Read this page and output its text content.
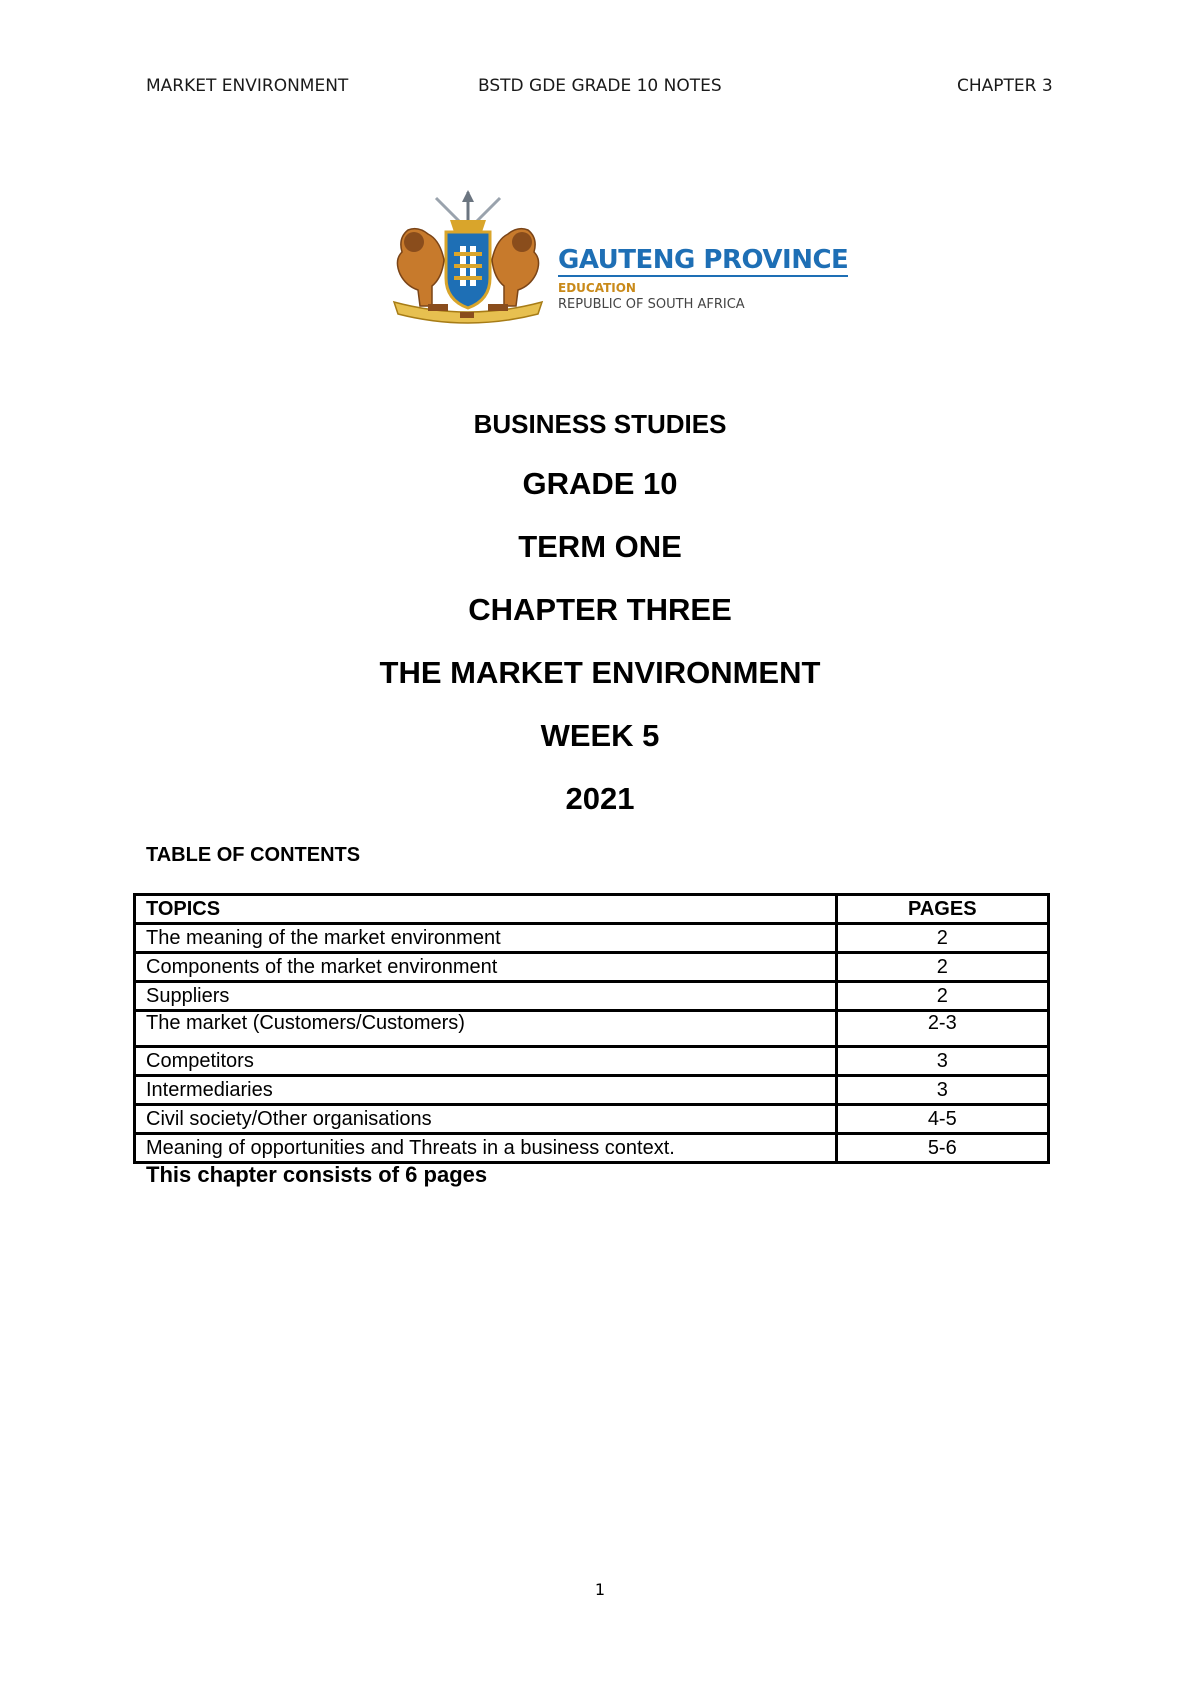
MARKET ENVIRONMENT	BSTD GDE GRADE 10 NOTES	CHAPTER 3
GAUTENG PROVINCE
EDUCATION
REPUBLIC OF SOUTH AFRICA
BUSINESS STUDIES
GRADE 10
TERM ONE
CHAPTER THREE
THE MARKET ENVIRONMENT
WEEK 5
2021
TABLE OF CONTENTS
TOPICS	PAGES
The meaning of the market environment	2
Components of the market environment	2
Suppliers	2
The market (Customers/Customers)	2-3
Competitors	3
Intermediaries	3
Civil society/Other organisations	4-5
Meaning of opportunities and Threats in a business context.	5-6
This chapter consists of 6 pages
1
